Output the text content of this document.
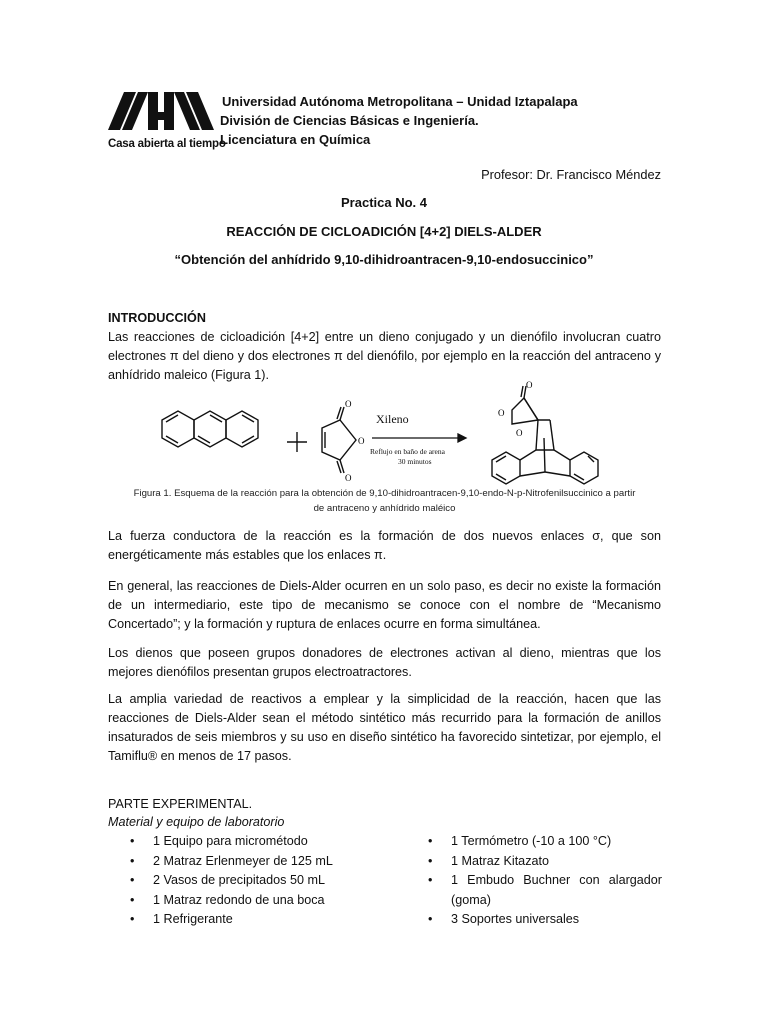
Casa abierta al tiempo
Universidad Autónoma Metropolitana – Unidad Iztapalapa
División de Ciencias Básicas e Ingeniería.
Licenciatura en Química
Profesor: Dr. Francisco Méndez
Practica No. 4
REACCIÓN DE CICLOADICIÓN [4+2] DIELS-ALDER
“Obtención del anhídrido 9,10-dihidroantracen-9,10-endosuccinico”
INTRODUCCIÓN
Las reacciones de cicloadición [4+2] entre un dieno conjugado y un dienófilo involucran cuatro electrones π del dieno y dos electrones π del dienófilo, por ejemplo en la reacción del antraceno y anhídrido maleico (Figura 1).
O
O
O
O
O
O
Xileno
Reflujo en baño de arena
30 minutos
Figura 1. Esquema de la reacción para la obtención de 9,10-dihidroantracen-9,10-endo-N-p-Nitrofenilsuccinico a partir
de antraceno y anhídrido maléico
La fuerza conductora de la reacción es la formación de dos nuevos enlaces σ, que son energéticamente más estables que los enlaces π.
En general, las reacciones de Diels-Alder ocurren en un solo paso, es decir no existe la formación de un intermediario, este tipo de mecanismo se conoce con el nombre de “Mecanismo Concertado”; y la formación y ruptura de enlaces ocurre en forma simultánea.
Los dienos que poseen grupos donadores de electrones activan al dieno, mientras que los mejores dienófilos presentan grupos electroatractores.
La amplia variedad de reactivos a emplear y la simplicidad de la reacción, hacen que las reacciones de Diels-Alder sean el método sintético más recurrido para la formación de anillos insaturados de seis miembros y su uso en diseño sintético ha favorecido sintetizar, por ejemplo, el Tamiflu® en menos de 17 pasos.
PARTE EXPERIMENTAL.
Material y equipo de laboratorio
• 1 Equipo para micrométodo
• 2 Matraz Erlenmeyer de 125 mL
• 2 Vasos de precipitados 50 mL
• 1 Matraz redondo de una boca
• 1 Refrigerante
• 1 Termómetro (-10 a 100 °C)
• 1 Matraz Kitazato
• 1 Embudo Buchner con alargador (goma)
• 3 Soportes universales
